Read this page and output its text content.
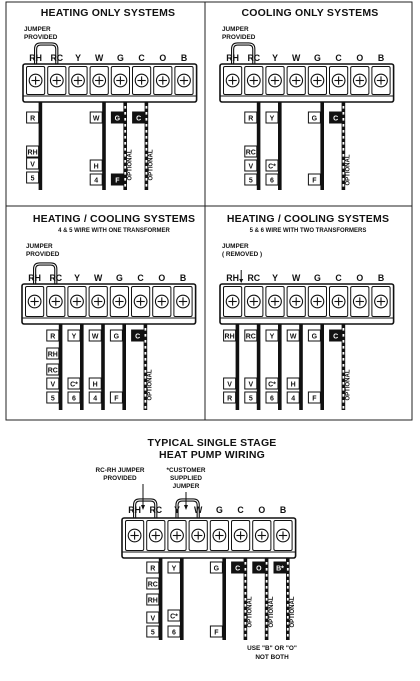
HEATING ONLY SYSTEMS
JUMPER
PROVIDED
RH RC Y W G C O B
R
RH
V
5
W
H
4
G
F
OPTIONAL
C
OPTIONAL
COOLING ONLY SYSTEMS
JUMPER
PROVIDED
RH RC Y W G C O B
R
RC
V
5
Y
C*
6
G
F
C
OPTIONAL
HEATING / COOLING SYSTEMS
4 & 5 WIRE WITH ONE TRANSFORMER
JUMPER
PROVIDED
RH RC Y W G C O B
R
RH
RC
V
5
Y
C*
6
W
H
4
G
F
C
OPTIONAL
HEATING / COOLING SYSTEMS
5 & 6 WIRE WITH TWO TRANSFORMERS
JUMPER
( REMOVED )
RH RC Y W G C O B
RH
V
R
RC
V
5
Y
C*
6
W
H
4
G
F
C
OPTIONAL
TYPICAL SINGLE STAGE
HEAT PUMP WIRING
RC-RH JUMPER
PROVIDED
*CUSTOMER
SUPPLIED
JUMPER
USE "B" OR "O"
NOT BOTH
RH RC Y W G C O B
R
RC
RH
V
5
Y
C*
6
G
F
C
OPTIONAL
O
OPTIONAL
B*
OPTIONAL
